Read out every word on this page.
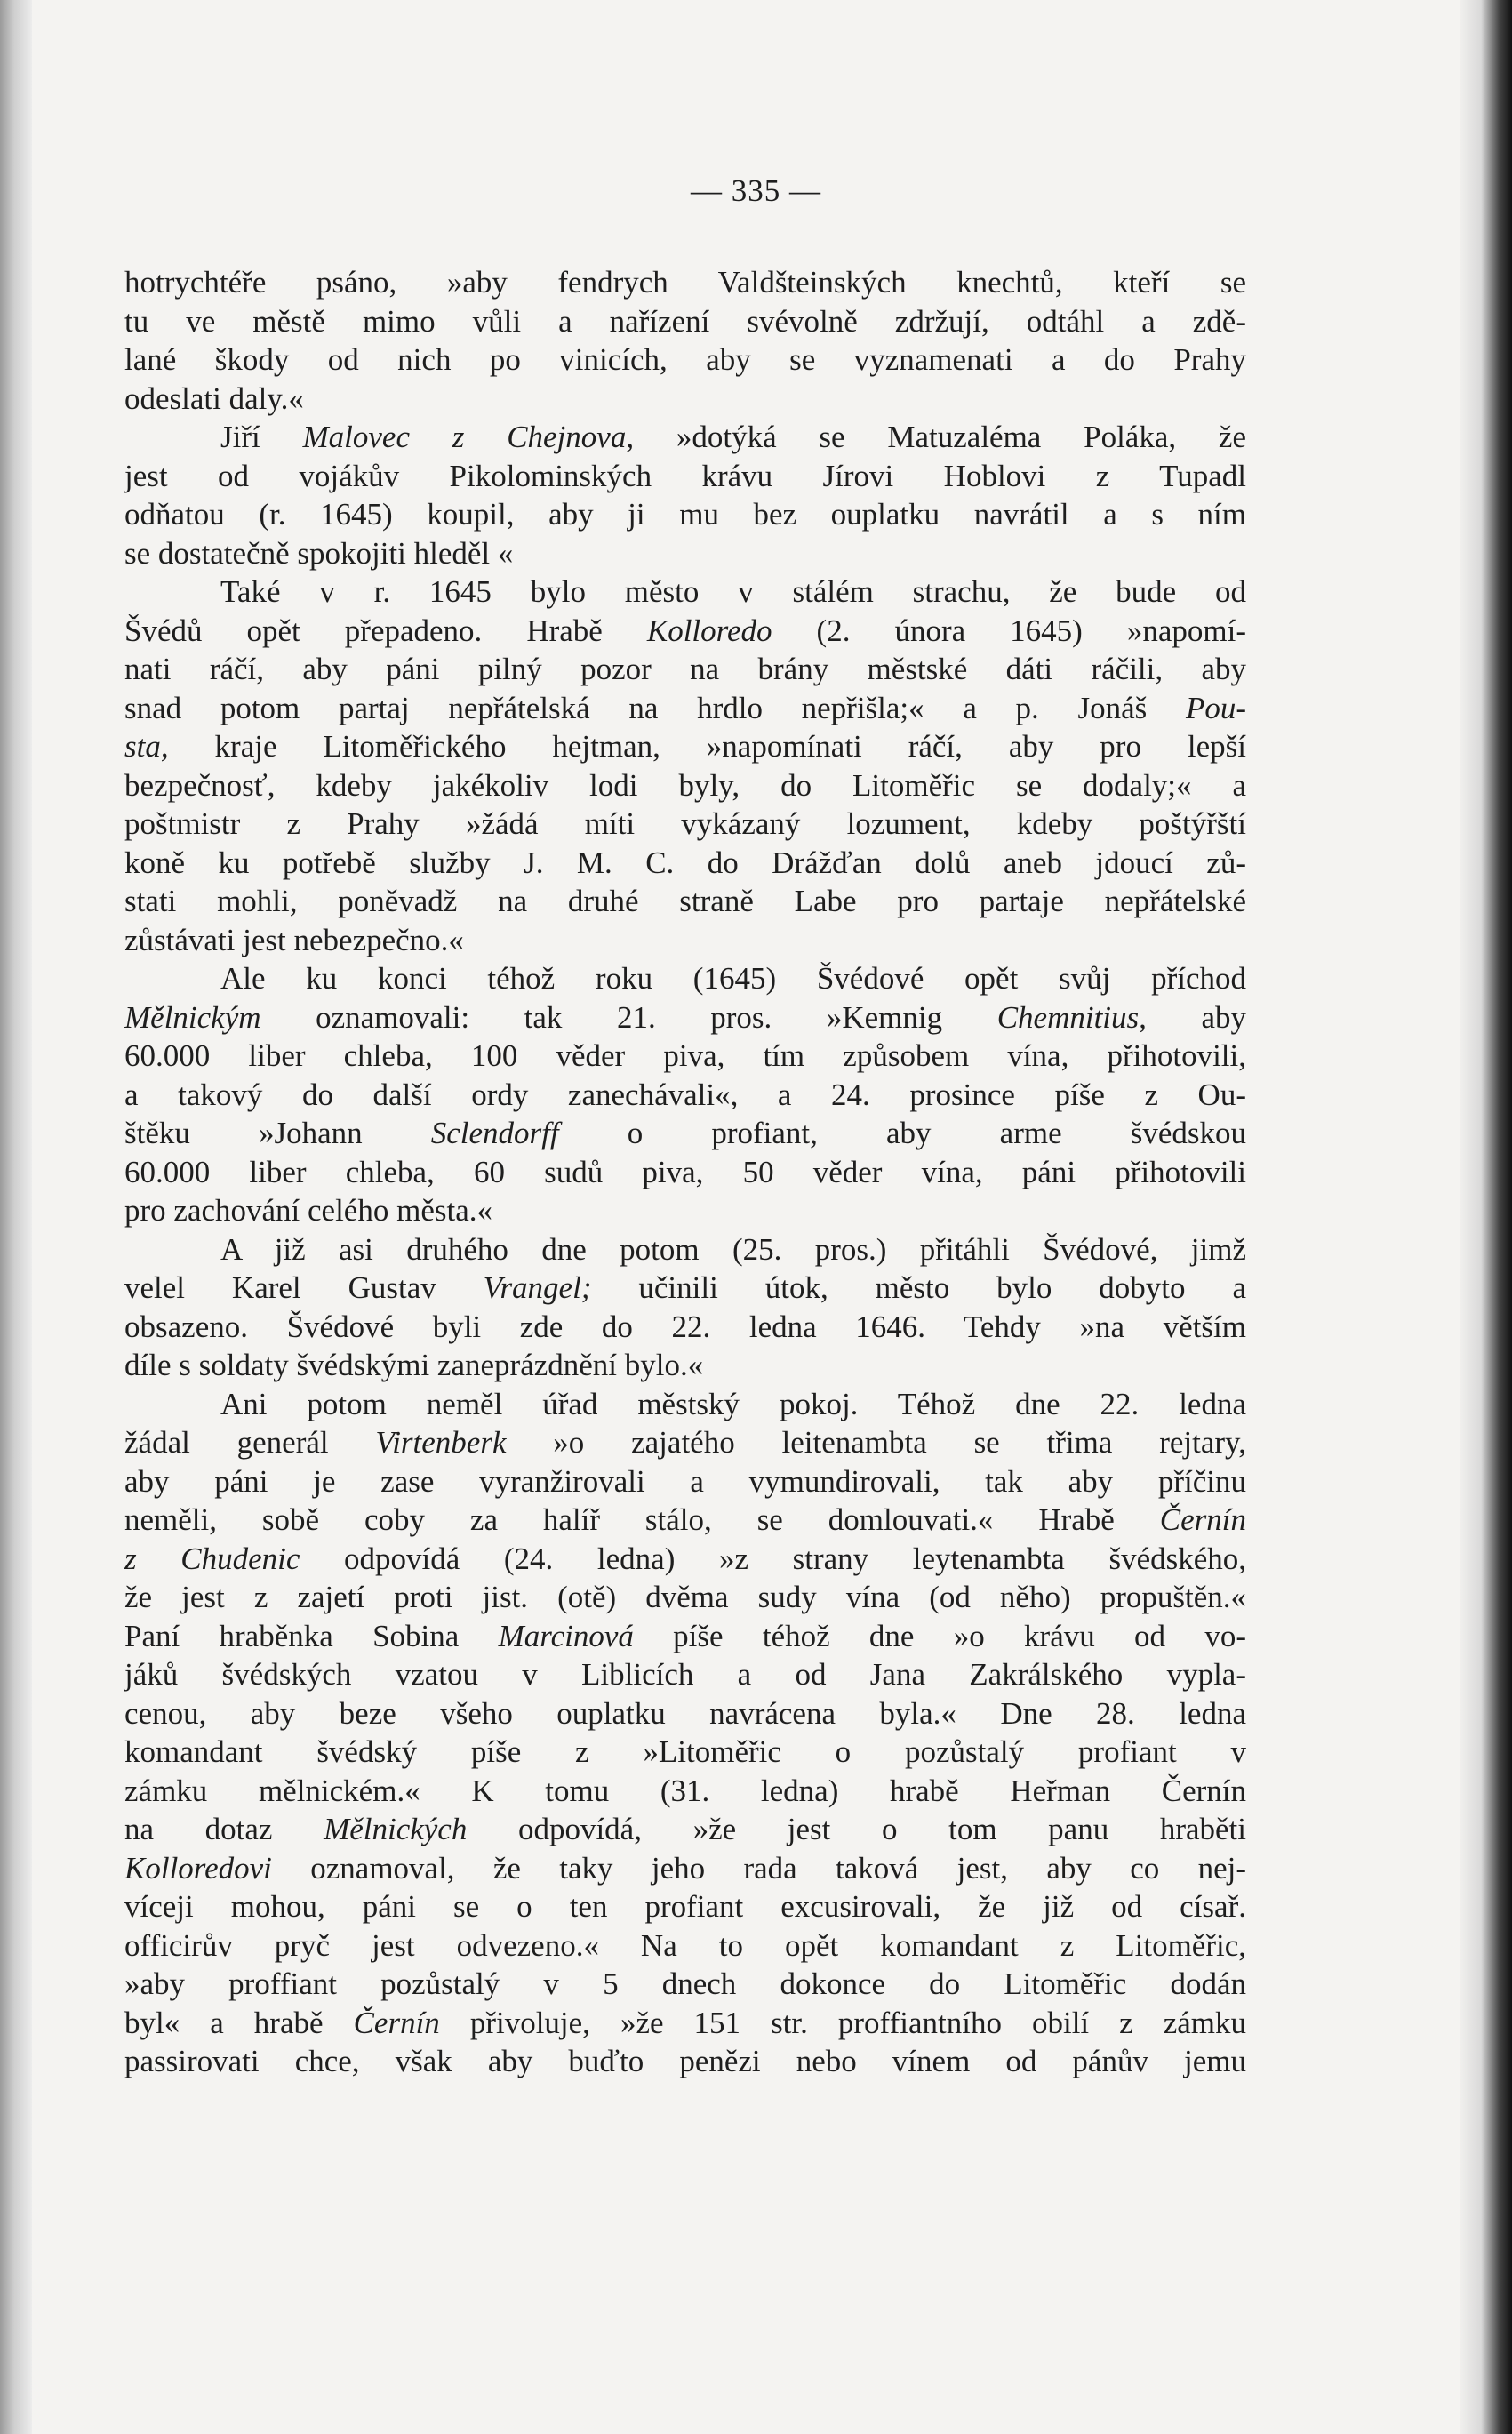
— 335 —
hotrychtéře psáno, »aby fendrych Valdšteinských knechtů, kteří se
tu ve městě mimo vůli a nařízení svévolně zdržují, odtáhl a zdě-
lané škody od nich po vinicích, aby se vyznamenati a do Prahy
odeslati daly.«
Jiří Malovec z Chejnova, »dotýká se Matuzaléma Poláka, že
jest od vojákův Pikolominských krávu Jírovi Hoblovi z Tupadl
odňatou (r. 1645) koupil, aby ji mu bez ouplatku navrátil a s ním
se dostatečně spokojiti hleděl «
Také v r. 1645 bylo město v stálém strachu, že bude od
Švédů opět přepadeno. Hrabě Kolloredo (2. února 1645) »napomí-
nati ráčí, aby páni pilný pozor na brány městské dáti ráčili, aby
snad potom partaj nepřátelská na hrdlo nepřišla;« a p. Jonáš Pou-
sta, kraje Litoměřického hejtman, »napomínati ráčí, aby pro lepší
bezpečnosť, kdeby jakékoliv lodi byly, do Litoměřic se dodaly;« a
poštmistr z Prahy »žádá míti vykázaný lozument, kdeby poštýřští
koně ku potřebě služby J. M. C. do Drážďan dolů aneb jdoucí zů-
stati mohli, poněvadž na druhé straně Labe pro partaje nepřátelské
zůstávati jest nebezpečno.«
Ale ku konci téhož roku (1645) Švédové opět svůj příchod
Mělnickým oznamovali: tak 21. pros. »Kemnig Chemnitius, aby
60.000 liber chleba, 100 věder piva, tím způsobem vína, přihotovili,
a takový do další ordy zanechávali«, a 24. prosince píše z Ou-
štěku »Johann Sclendorff o profiant, aby arme švédskou
60.000 liber chleba, 60 sudů piva, 50 věder vína, páni přihotovili
pro zachování celého města.«
A již asi druhého dne potom (25. pros.) přitáhli Švédové, jimž
velel Karel Gustav Vrangel; učinili útok, město bylo dobyto a
obsazeno. Švédové byli zde do 22. ledna 1646. Tehdy »na větším
díle s soldaty švédskými zaneprázdnění bylo.«
Ani potom neměl úřad městský pokoj. Téhož dne 22. ledna
žádal generál Virtenberk »o zajatého leitenambta se třima rejtary,
aby páni je zase vyranžirovali a vymundirovali, tak aby příčinu
neměli, sobě coby za halíř stálo, se domlouvati.« Hrabě Černín
z Chudenic odpovídá (24. ledna) »z strany leytenambta švédského,
že jest z zajetí proti jist. (otě) dvěma sudy vína (od něho) propuštěn.«
Paní hraběnka Sobina Marcinová píše téhož dne »o krávu od vo-
jáků švédských vzatou v Liblicích a od Jana Zakrálského vypla-
cenou, aby beze všeho ouplatku navrácena byla.« Dne 28. ledna
komandant švédský píše z »Litoměřic o pozůstalý profiant v
zámku mělnickém.« K tomu (31. ledna) hrabě Heřman Černín
na dotaz Mělnických odpovídá, »že jest o tom panu hraběti
Kolloredovi oznamoval, že taky jeho rada taková jest, aby co nej-
víceji mohou, páni se o ten profiant excusirovali, že již od císař.
officirův pryč jest odvezeno.« Na to opět komandant z Litoměřic,
»aby proffiant pozůstalý v 5 dnech dokonce do Litoměřic dodán
byl« a hrabě Černín přivoluje, »že 151 str. proffiantního obilí z zámku
passirovati chce, však aby buďto penězi nebo vínem od pánův jemu
